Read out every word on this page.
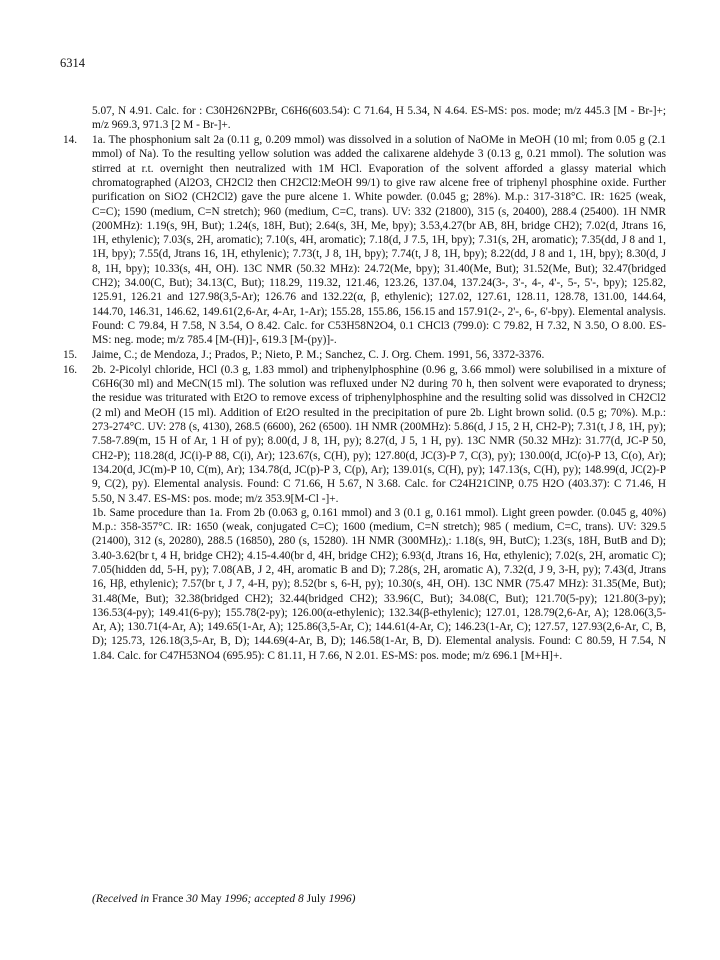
6314

5.07, N 4.91. Calc. for : C30H26N2PBr, C6H6(603.54): C 71.64, H 5.34, N 4.64. ES-MS: pos. mode; m/z 445.3 [M - Br-]+; m/z 969.3, 971.3 [2 M - Br-]+.

14. 1a. The phosphonium salt 2a (0.11 g, 0.209 mmol) was dissolved in a solution of NaOMe in MeOH (10 ml; from 0.05 g (2.1 mmol) of Na). To the resulting yellow solution was added the calixarene aldehyde 3 (0.13 g, 0.21 mmol). The solution was stirred at r.t. overnight then neutralized with 1M HCl. Evaporation of the solvent afforded a glassy material which chromatographed (Al2O3, CH2Cl2 then CH2Cl2:MeOH 99/1) to give raw alcene free of triphenyl phosphine oxide. Further purification on SiO2 (CH2Cl2) gave the pure alcene 1. White powder. (0.045 g; 28%). M.p.: 317-318°C. IR: 1625 (weak, C=C); 1590 (medium, C=N stretch); 960 (medium, C=C, trans). UV: 332 (21800), 315 (s, 20400), 288.4 (25400). 1H NMR (200MHz): 1.19(s, 9H, But); 1.24(s, 18H, But); 2.64(s, 3H, Me, bpy); 3.53,4.27(br AB, 8H, bridge CH2); 7.02(d, Jtrans 16, 1H, ethylenic); 7.03(s, 2H, aromatic); 7.10(s, 4H, aromatic); 7.18(d, J 7.5, 1H, bpy); 7.31(s, 2H, aromatic); 7.35(dd, J 8 and 1, 1H, bpy); 7.55(d, Jtrans 16, 1H, ethylenic); 7.73(t, J 8, 1H, bpy); 7.74(t, J 8, 1H, bpy); 8.22(dd, J 8 and 1, 1H, bpy); 8.30(d, J 8, 1H, bpy); 10.33(s, 4H, OH). 13C NMR (50.32 MHz): 24.72(Me, bpy); 31.40(Me, But); 31.52(Me, But); 32.47(bridged CH2); 34.00(C, But); 34.13(C, But); 118.29, 119.32, 121.46, 123.26, 137.04, 137.24(3-, 3'-, 4-, 4'-, 5-, 5'-, bpy); 125.82, 125.91, 126.21 and 127.98(3,5-Ar); 126.76 and 132.22(α, β, ethylenic); 127.02, 127.61, 128.11, 128.78, 131.00, 144.64, 144.70, 146.31, 146.62, 149.61(2,6-Ar, 4-Ar, 1-Ar); 155.28, 155.86, 156.15 and 157.91(2-, 2'-, 6-, 6'-bpy). Elemental analysis. Found: C 79.84, H 7.58, N 3.54, O 8.42. Calc. for C53H58N2O4, 0.1 CHCl3 (799.0): C 79.82, H 7.32, N 3.50, O 8.00. ES-MS: neg. mode; m/z 785.4 [M-(H)]-, 619.3 [M-(py)]-.

15. Jaime, C.; de Mendoza, J.; Prados, P.; Nieto, P. M.; Sanchez, C. J. Org. Chem. 1991, 56, 3372-3376.

16. 2b. 2-Picolyl chloride, HCl (0.3 g, 1.83 mmol) and triphenylphosphine (0.96 g, 3.66 mmol) were solubilised in a mixture of C6H6(30 ml) and MeCN(15 ml). The solution was refluxed under N2 during 70 h, then solvent were evaporated to dryness; the residue was triturated with Et2O to remove excess of triphenylphosphine and the resulting solid was dissolved in CH2Cl2 (2 ml) and MeOH (15 ml). Addition of Et2O resulted in the precipitation of pure 2b. Light brown solid. (0.5 g; 70%). M.p.: 273-274°C. UV: 278 (s, 4130), 268.5 (6600), 262 (6500). 1H NMR (200MHz): 5.86(d, J 15, 2 H, CH2-P); 7.31(t, J 8, 1H, py); 7.58-7.89(m, 15 H of Ar, 1 H of py); 8.00(d, J 8, 1H, py); 8.27(d, J 5, 1 H, py). 13C NMR (50.32 MHz): 31.77(d, JC-P 50, CH2-P); 118.28(d, JC(i)-P 88, C(i), Ar); 123.67(s, C(H), py); 127.80(d, JC(3)-P 7, C(3), py); 130.00(d, JC(o)-P 13, C(o), Ar); 134.20(d, JC(m)-P 10, C(m), Ar); 134.78(d, JC(p)-P 3, C(p), Ar); 139.01(s, C(H), py); 147.13(s, C(H), py); 148.99(d, JC(2)-P 9, C(2), py). Elemental analysis. Found: C 71.66, H 5.67, N 3.68. Calc. for C24H21ClNP, 0.75 H2O (403.37): C 71.46, H 5.50, N 3.47. ES-MS: pos. mode; m/z 353.9[M-Cl -]+.

1b. Same procedure than 1a. From 2b (0.063 g, 0.161 mmol) and 3 (0.1 g, 0.161 mmol). Light green powder. (0.045 g, 40%) M.p.: 358-357°C. IR: 1650 (weak, conjugated C=C); 1600 (medium, C=N stretch); 985 ( medium, C=C, trans). UV: 329.5 (21400), 312 (s, 20280), 288.5 (16850), 280 (s, 15280). 1H NMR (300MHz),: 1.18(s, 9H, ButC); 1.23(s, 18H, ButB and D); 3.40-3.62(br t, 4 H, bridge CH2); 4.15-4.40(br d, 4H, bridge CH2); 6.93(d, Jtrans 16, Hα, ethylenic); 7.02(s, 2H, aromatic C); 7.05(hidden dd, 5-H, py); 7.08(AB, J 2, 4H, aromatic B and D); 7.28(s, 2H, aromatic A), 7.32(d, J 9, 3-H, py); 7.43(d, Jtrans 16, Hβ, ethylenic); 7.57(br t, J 7, 4-H, py); 8.52(br s, 6-H, py); 10.30(s, 4H, OH). 13C NMR (75.47 MHz): 31.35(Me, But); 31.48(Me, But); 32.38(bridged CH2); 32.44(bridged CH2); 33.96(C, But); 34.08(C, But); 121.70(5-py); 121.80(3-py); 136.53(4-py); 149.41(6-py); 155.78(2-py); 126.00(α-ethylenic); 132.34(β-ethylenic); 127.01, 128.79(2,6-Ar, A); 128.06(3,5-Ar, A); 130.71(4-Ar, A); 149.65(1-Ar, A); 125.86(3,5-Ar, C); 144.61(4-Ar, C); 146.23(1-Ar, C); 127.57, 127.93(2,6-Ar, C, B, D); 125.73, 126.18(3,5-Ar, B, D); 144.69(4-Ar, B, D); 146.58(1-Ar, B, D). Elemental analysis. Found: C 80.59, H 7.54, N 1.84. Calc. for C47H53NO4 (695.95): C 81.11, H 7.66, N 2.01. ES-MS: pos. mode; m/z 696.1 [M+H]+.

(Received in France 30 May 1996; accepted 8 July 1996)
